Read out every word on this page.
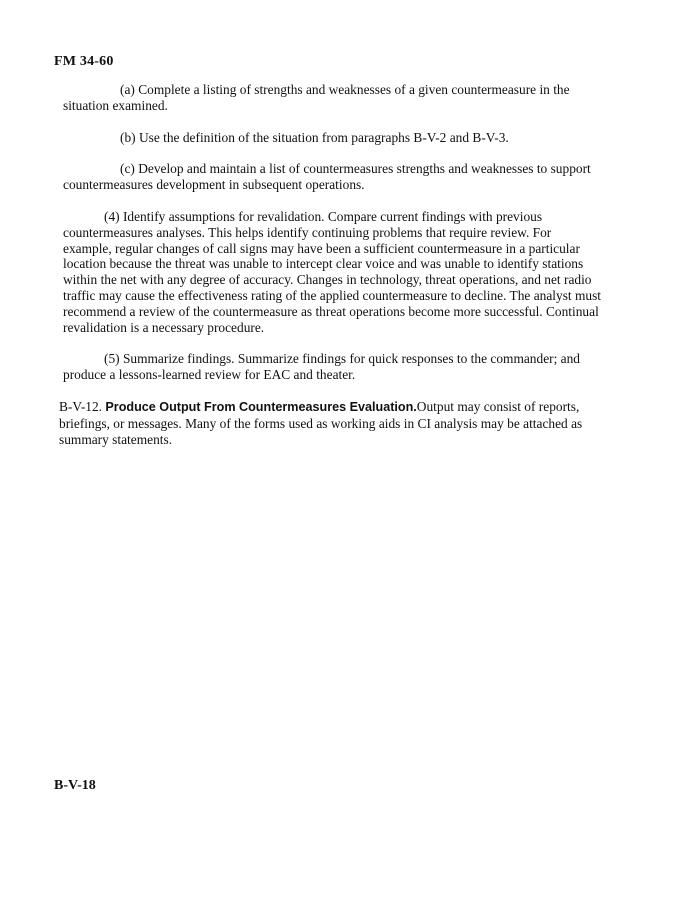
FM 34-60

(a) Complete a listing of strengths and weaknesses of a given countermeasure in the situation examined.

(b) Use the definition of the situation from paragraphs B-V-2 and B-V-3.

(c) Develop and maintain a list of countermeasures strengths and weaknesses to support countermeasures development in subsequent operations.

(4) Identify assumptions for revalidation. Compare current findings with previous countermeasures analyses. This helps identify continuing problems that require review. For example, regular changes of call signs may have been a sufficient countermeasure in a particular location because the threat was unable to intercept clear voice and was unable to identify stations within the net with any degree of accuracy. Changes in technology, threat operations, and net radio traffic may cause the effectiveness rating of the applied countermeasure to decline. The analyst must recommend a review of the countermeasure as threat operations become more successful. Continual revalidation is a necessary procedure.

(5) Summarize findings. Summarize findings for quick responses to the commander; and produce a lessons-learned review for EAC and theater.

B-V-12. Produce Output From Countermeasures Evaluation.Output may consist of reports, briefings, or messages. Many of the forms used as working aids in CI analysis may be attached as summary statements.

B-V-18
